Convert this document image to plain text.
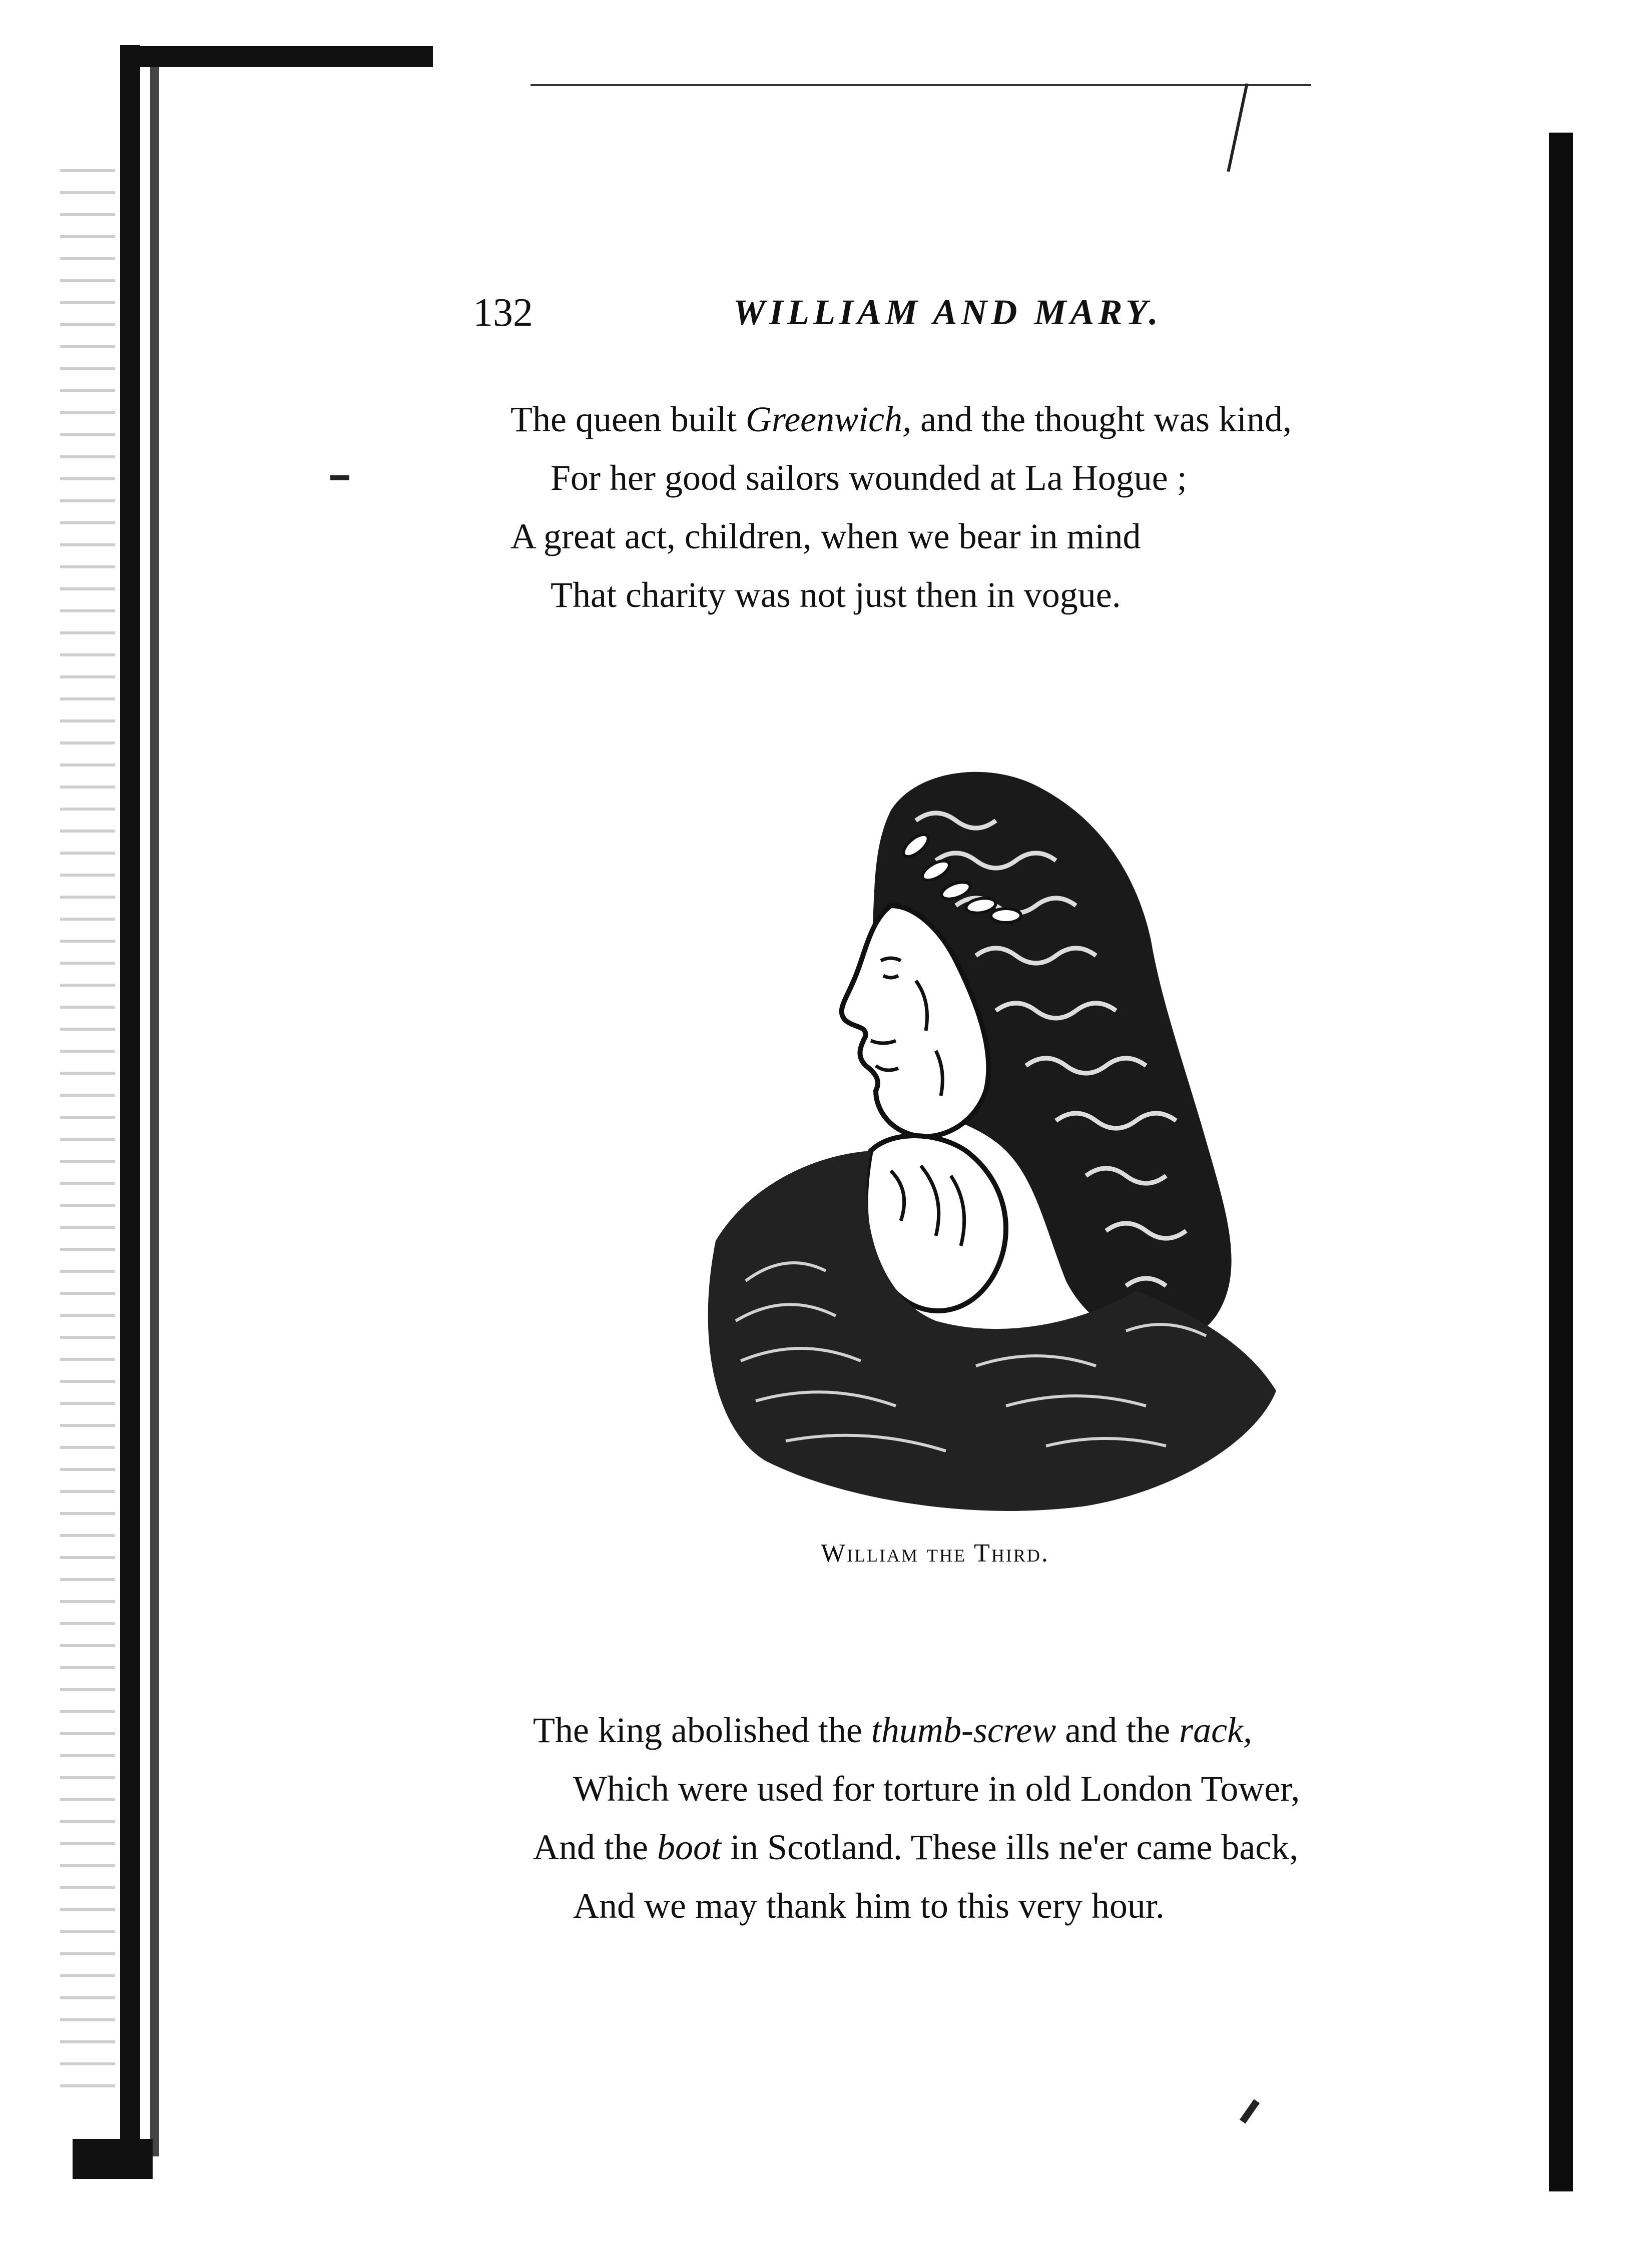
132	WILLIAM AND MARY.
The queen built Greenwich, and the thought was kind,
For her good sailors wounded at La Hogue ;
A great act, children, when we bear in mind
That charity was not just then in vogue.

William the Third.

The king abolished the thumb-screw and the rack,
Which were used for torture in old London Tower,
And the boot in Scotland. These ills ne'er came back,
And we may thank him to this very hour.
